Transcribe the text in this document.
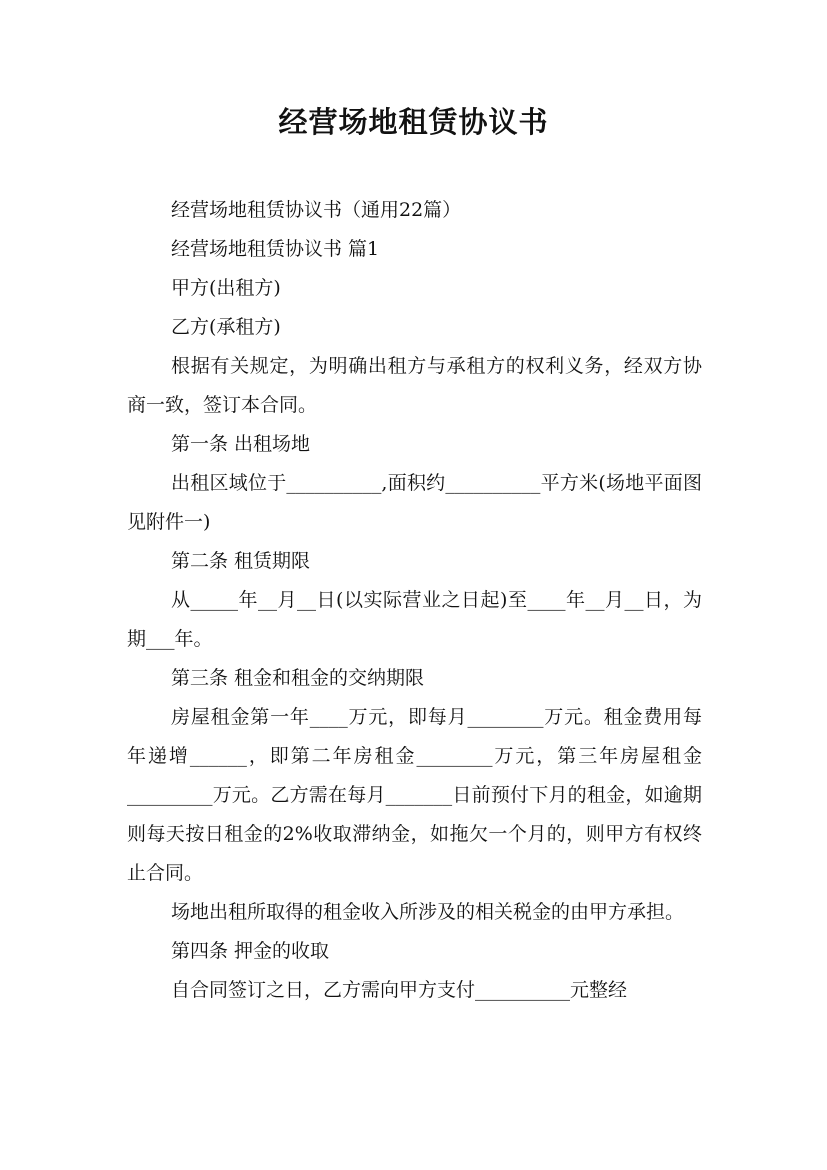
经营场地租赁协议书

经营场地租赁协议书（通用22篇）

经营场地租赁协议书 篇1

甲方(出租方)

乙方(承租方)

根据有关规定，为明确出租方与承租方的权利义务，经双方协商一致，签订本合同。

第一条 出租场地

出租区域位于__________,面积约__________平方米(场地平面图见附件一)

第二条 租赁期限

从_____年__月__日(以实际营业之日起)至____年__月__日，为期___年。

第三条 租金和租金的交纳期限

房屋租金第一年____万元，即每月________万元。租金费用每年递增______，即第二年房租金________万元，第三年房屋租金 _________万元。乙方需在每月_______日前预付下月的租金，如逾期则每天按日租金的2%收取滞纳金，如拖欠一个月的，则甲方有权终止合同。

场地出租所取得的租金收入所涉及的相关税金的由甲方承担。

第四条 押金的收取

自合同签订之日，乙方需向甲方支付__________元整经
